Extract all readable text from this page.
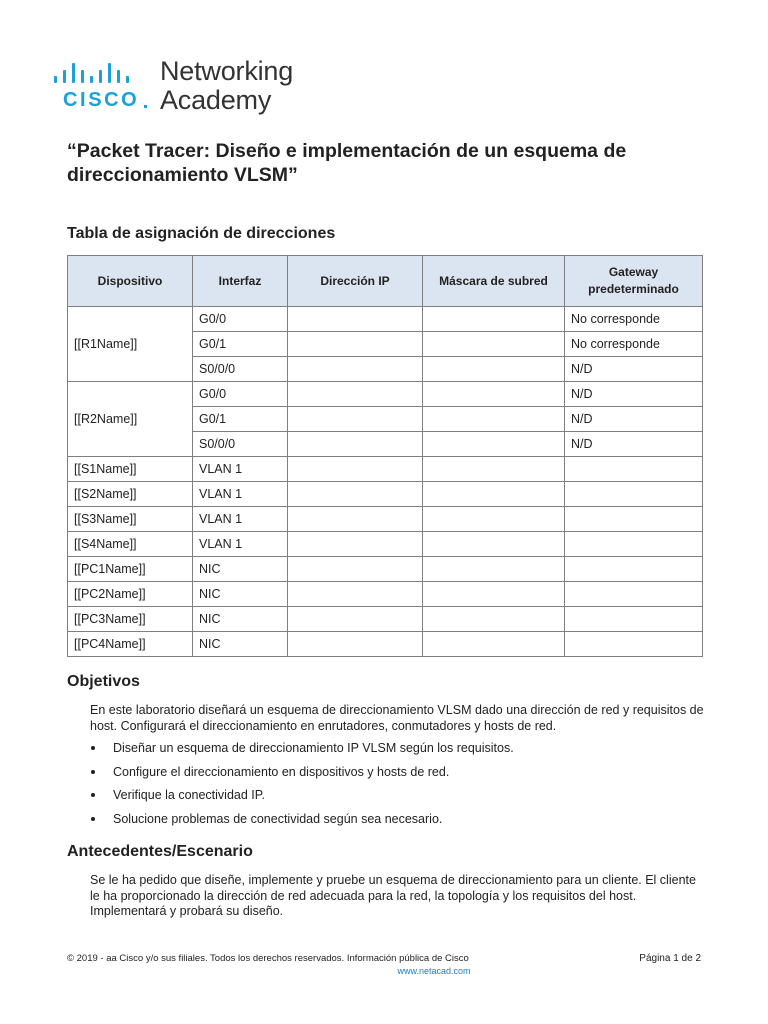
CISCO
Networking
Academy
“Packet Tracer: Diseño e implementación de un esquema de direccionamiento VLSM”
Tabla de asignación de direcciones
Dispositivo	Interfaz	Dirección IP	Máscara de subred	Gateway predeterminado
[[R1Name]]	G0/0			No corresponde
	G0/1			No corresponde
	S0/0/0			N/D
[[R2Name]]	G0/0			N/D
	G0/1			N/D
	S0/0/0			N/D
[[S1Name]]	VLAN 1			
[[S2Name]]	VLAN 1			
[[S3Name]]	VLAN 1			
[[S4Name]]	VLAN 1			
[[PC1Name]]	NIC			
[[PC2Name]]	NIC			
[[PC3Name]]	NIC			
[[PC4Name]]	NIC			
Objetivos
En este laboratorio diseñará un esquema de direccionamiento VLSM dado una dirección de red y requisitos de host. Configurará el direccionamiento en enrutadores, conmutadores y hosts de red.
Diseñar un esquema de direccionamiento IP VLSM según los requisitos.
Configure el direccionamiento en dispositivos y hosts de red.
Verifique la conectividad IP.
Solucione problemas de conectividad según sea necesario.
Antecedentes/Escenario
Se le ha pedido que diseñe, implemente y pruebe un esquema de direccionamiento para un cliente. El cliente le ha proporcionado la dirección de red adecuada para la red, la topología y los requisitos del host. Implementará y probará su diseño.
© 2019 - aa Cisco y/o sus filiales. Todos los derechos reservados. Información pública de Cisco	Página 1 de 2
www.netacad.com
